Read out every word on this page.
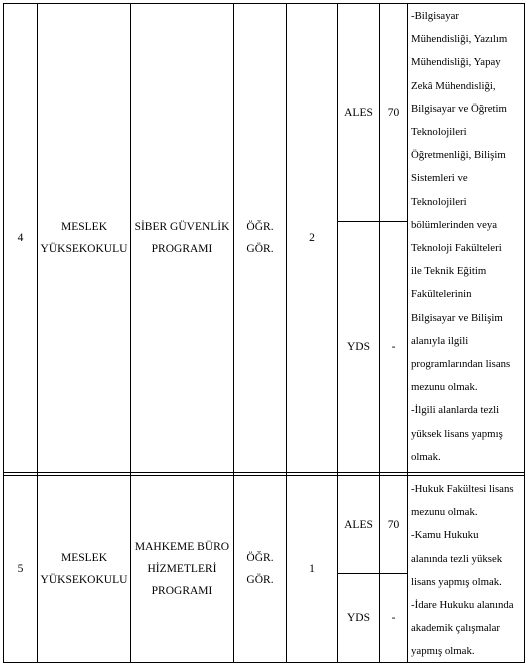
4
MESLEK
YÜKSEKOKULU
SİBER GÜVENLİK
PROGRAMI
ÖĞR.
GÖR.
2
ALES 70
YDS -
-Bilgisayar
Mühendisliği, Yazılım
Mühendisliği, Yapay
Zekâ Mühendisliği,
Bilgisayar ve Öğretim
Teknolojileri
Öğretmenliği, Bilişim
Sistemleri ve
Teknolojileri
bölümlerinden veya
Teknoloji Fakülteleri
ile Teknik Eğitim
Fakültelerinin
Bilgisayar ve Bilişim
alanıyla ilgili
programlarından lisans
mezunu olmak.
-İlgili alanlarda tezli
yüksek lisans yapmış
olmak.
5
MESLEK
YÜKSEKOKULU
MAHKEME BÜRO
HİZMETLERİ
PROGRAMI
ÖĞR.
GÖR.
1
ALES 70
YDS -
-Hukuk Fakültesi lisans
mezunu olmak.
-Kamu Hukuku
alanında tezli yüksek
lisans yapmış olmak.
-İdare Hukuku alanında
akademik çalışmalar
yapmış olmak.
